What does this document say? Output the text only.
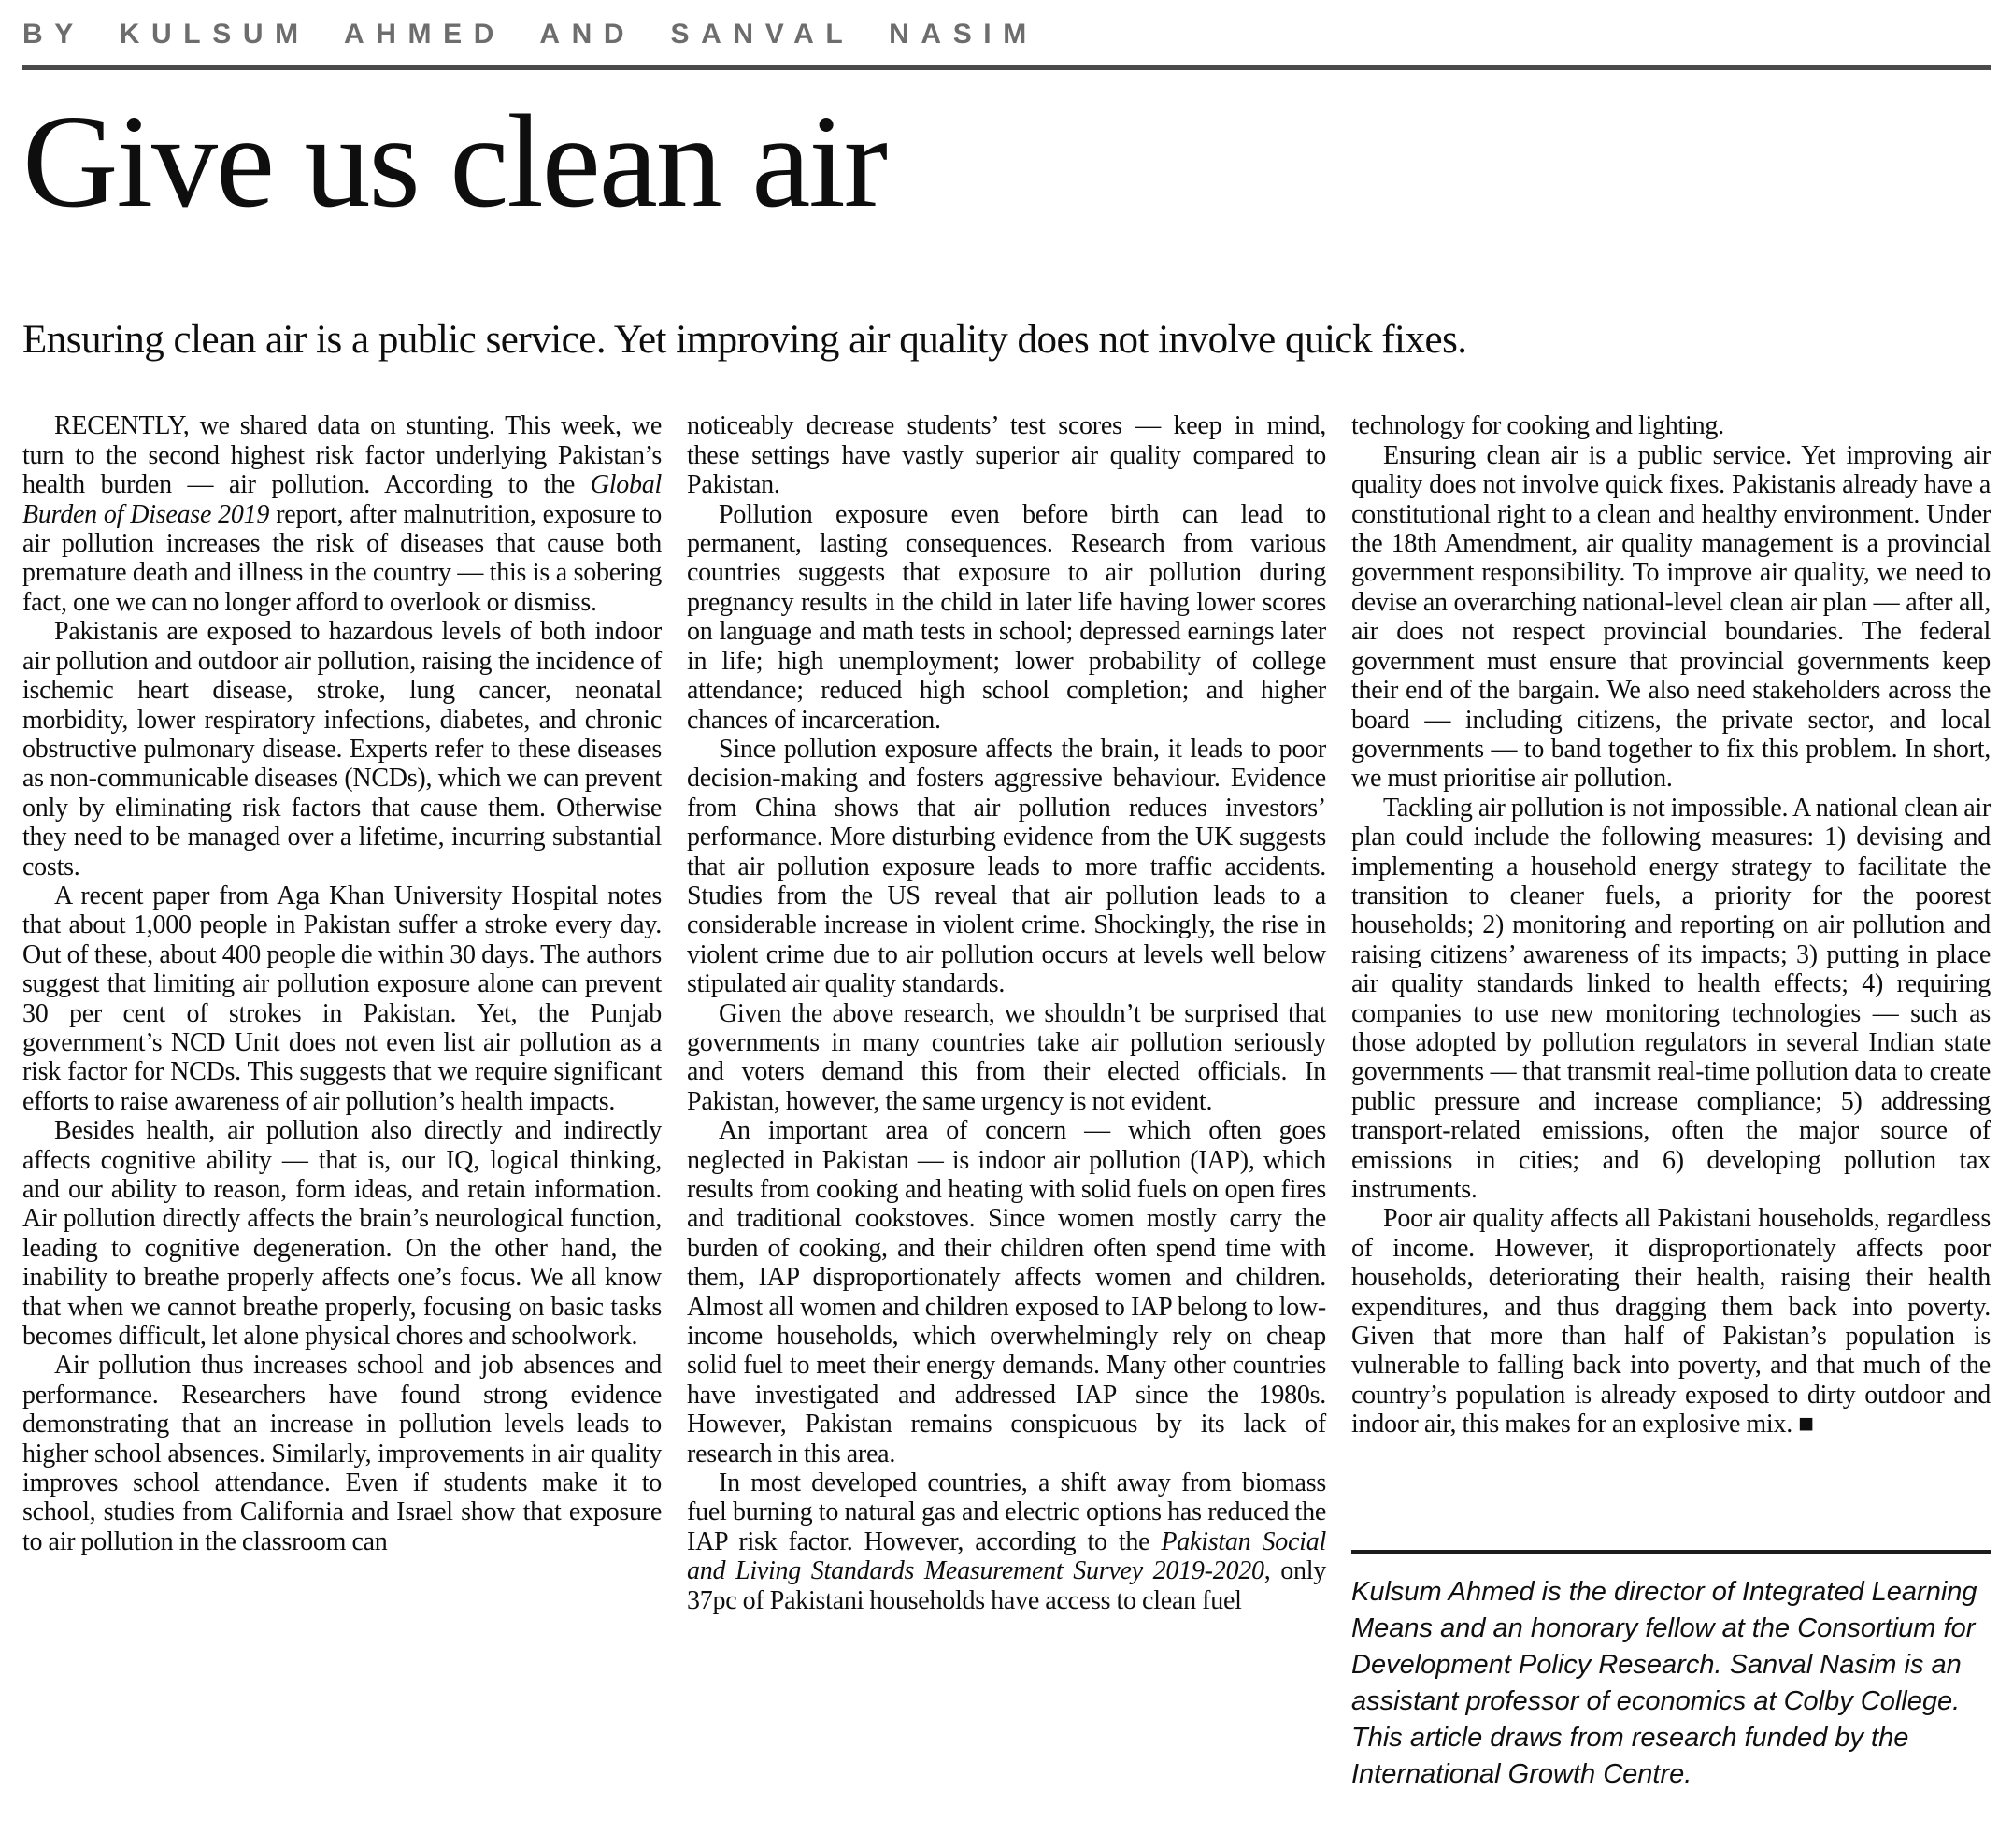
BY KULSUM AHMED AND SANVAL NASIM
Give us clean air
Ensuring clean air is a public service. Yet improving air quality does not involve quick fixes.

RECENTLY, we shared data on stunting. This week, we turn to the second highest risk factor underlying Pakistan’s health burden — air pollution. According to the Global Burden of Disease 2019 report, after malnutrition, exposure to air pollution increases the risk of diseases that cause both premature death and illness in the country — this is a sobering fact, one we can no longer afford to overlook or dismiss.

Pakistanis are exposed to hazardous levels of both indoor air pollution and outdoor air pollution, raising the incidence of ischemic heart disease, stroke, lung cancer, neonatal morbidity, lower respiratory infections, diabetes, and chronic obstructive pulmonary disease. Experts refer to these diseases as non-communicable diseases (NCDs), which we can prevent only by eliminating risk factors that cause them. Otherwise they need to be managed over a lifetime, incurring substantial costs.

A recent paper from Aga Khan University Hospital notes that about 1,000 people in Pakistan suffer a stroke every day. Out of these, about 400 people die within 30 days. The authors suggest that limiting air pollution exposure alone can prevent 30 per cent of strokes in Pakistan. Yet, the Punjab government’s NCD Unit does not even list air pollution as a risk factor for NCDs. This suggests that we require significant efforts to raise awareness of air pollution’s health impacts.

Besides health, air pollution also directly and indirectly affects cognitive ability — that is, our IQ, logical thinking, and our ability to reason, form ideas, and retain information. Air pollution directly affects the brain’s neurological function, leading to cognitive degeneration. On the other hand, the inability to breathe properly affects one’s focus. We all know that when we cannot breathe properly, focusing on basic tasks becomes difficult, let alone physical chores and schoolwork.

Air pollution thus increases school and job absences and performance. Researchers have found strong evidence demonstrating that an increase in pollution levels leads to higher school absences. Similarly, improvements in air quality improves school attendance. Even if students make it to school, studies from California and Israel show that exposure to air pollution in the classroom can

noticeably decrease students’ test scores — keep in mind, these settings have vastly superior air quality compared to Pakistan.

Pollution exposure even before birth can lead to permanent, lasting consequences. Research from various countries suggests that exposure to air pollution during pregnancy results in the child in later life having lower scores on language and math tests in school; depressed earnings later in life; high unemployment; lower probability of college attendance; reduced high school completion; and higher chances of incarceration.

Since pollution exposure affects the brain, it leads to poor decision-making and fosters aggressive behaviour. Evidence from China shows that air pollution reduces investors’ performance. More disturbing evidence from the UK suggests that air pollution exposure leads to more traffic accidents. Studies from the US reveal that air pollution leads to a considerable increase in violent crime. Shockingly, the rise in violent crime due to air pollution occurs at levels well below stipulated air quality standards.

Given the above research, we shouldn’t be surprised that governments in many countries take air pollution seriously and voters demand this from their elected officials. In Pakistan, however, the same urgency is not evident.

An important area of concern — which often goes neglected in Pakistan — is indoor air pollution (IAP), which results from cooking and heating with solid fuels on open fires and traditional cookstoves. Since women mostly carry the burden of cooking, and their children often spend time with them, IAP disproportionately affects women and children. Almost all women and children exposed to IAP belong to low-income households, which overwhelmingly rely on cheap solid fuel to meet their energy demands. Many other countries have investigated and addressed IAP since the 1980s. However, Pakistan remains conspicuous by its lack of research in this area.

In most developed countries, a shift away from biomass fuel burning to natural gas and electric options has reduced the IAP risk factor. However, according to the Pakistan Social and Living Standards Measurement Survey 2019-2020, only 37pc of Pakistani households have access to clean fuel

technology for cooking and lighting.

Ensuring clean air is a public service. Yet improving air quality does not involve quick fixes. Pakistanis already have a constitutional right to a clean and healthy environment. Under the 18th Amendment, air quality management is a provincial government responsibility. To improve air quality, we need to devise an overarching national-level clean air plan — after all, air does not respect provincial boundaries. The federal government must ensure that provincial governments keep their end of the bargain. We also need stakeholders across the board — including citizens, the private sector, and local governments — to band together to fix this problem. In short, we must prioritise air pollution.

Tackling air pollution is not impossible. A national clean air plan could include the following measures: 1) devising and implementing a household energy strategy to facilitate the transition to cleaner fuels, a priority for the poorest households; 2) monitoring and reporting on air pollution and raising citizens’ awareness of its impacts; 3) putting in place air quality standards linked to health effects; 4) requiring companies to use new monitoring technologies — such as those adopted by pollution regulators in several Indian state governments — that transmit real-time pollution data to create public pressure and increase compliance; 5) addressing transport-related emissions, often the major source of emissions in cities; and 6) developing pollution tax instruments.

Poor air quality affects all Pakistani households, regardless of income. However, it disproportionately affects poor households, deteriorating their health, raising their health expenditures, and thus dragging them back into poverty. Given that more than half of Pakistan’s population is vulnerable to falling back into poverty, and that much of the country’s population is already exposed to dirty outdoor and indoor air, this makes for an explosive mix. ■

Kulsum Ahmed is the director of Integrated Learning Means and an honorary fellow at the Consortium for Development Policy Research. Sanval Nasim is an assistant professor of economics at Colby College. This article draws from research funded by the International Growth Centre.
